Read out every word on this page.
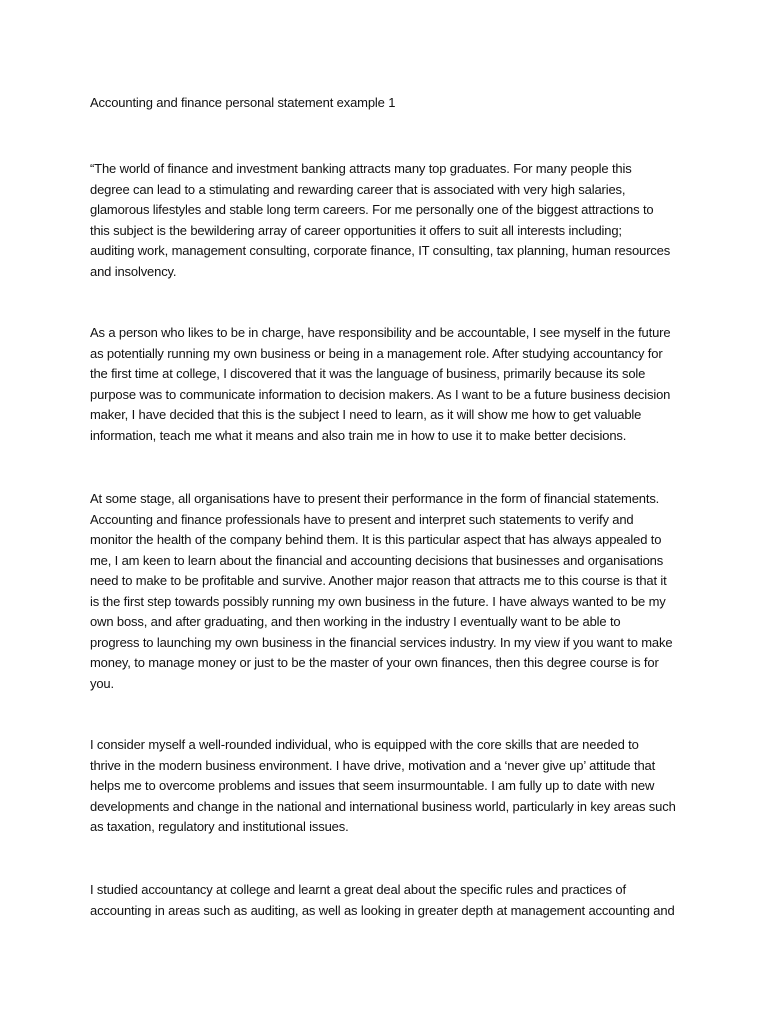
Accounting and finance personal statement example 1
“The world of finance and investment banking attracts many top graduates. For many people this
degree can lead to a stimulating and rewarding career that is associated with very high salaries,
glamorous lifestyles and stable long term careers. For me personally one of the biggest attractions to
this subject is the bewildering array of career opportunities it offers to suit all interests including;
auditing work, management consulting, corporate finance, IT consulting, tax planning, human resources
and insolvency.
As a person who likes to be in charge, have responsibility and be accountable, I see myself in the future
as potentially running my own business or being in a management role. After studying accountancy for
the first time at college, I discovered that it was the language of business, primarily because its sole
purpose was to communicate information to decision makers. As I want to be a future business decision
maker, I have decided that this is the subject I need to learn, as it will show me how to get valuable
information, teach me what it means and also train me in how to use it to make better decisions.
At some stage, all organisations have to present their performance in the form of financial statements.
Accounting and finance professionals have to present and interpret such statements to verify and
monitor the health of the company behind them. It is this particular aspect that has always appealed to
me, I am keen to learn about the financial and accounting decisions that businesses and organisations
need to make to be profitable and survive. Another major reason that attracts me to this course is that it
is the first step towards possibly running my own business in the future. I have always wanted to be my
own boss, and after graduating, and then working in the industry I eventually want to be able to
progress to launching my own business in the financial services industry. In my view if you want to make
money, to manage money or just to be the master of your own finances, then this degree course is for
you.
I consider myself a well-rounded individual, who is equipped with the core skills that are needed to
thrive in the modern business environment. I have drive, motivation and a ‘never give up’ attitude that
helps me to overcome problems and issues that seem insurmountable. I am fully up to date with new
developments and change in the national and international business world, particularly in key areas such
as taxation, regulatory and institutional issues.
I studied accountancy at college and learnt a great deal about the specific rules and practices of
accounting in areas such as auditing, as well as looking in greater depth at management accounting and
